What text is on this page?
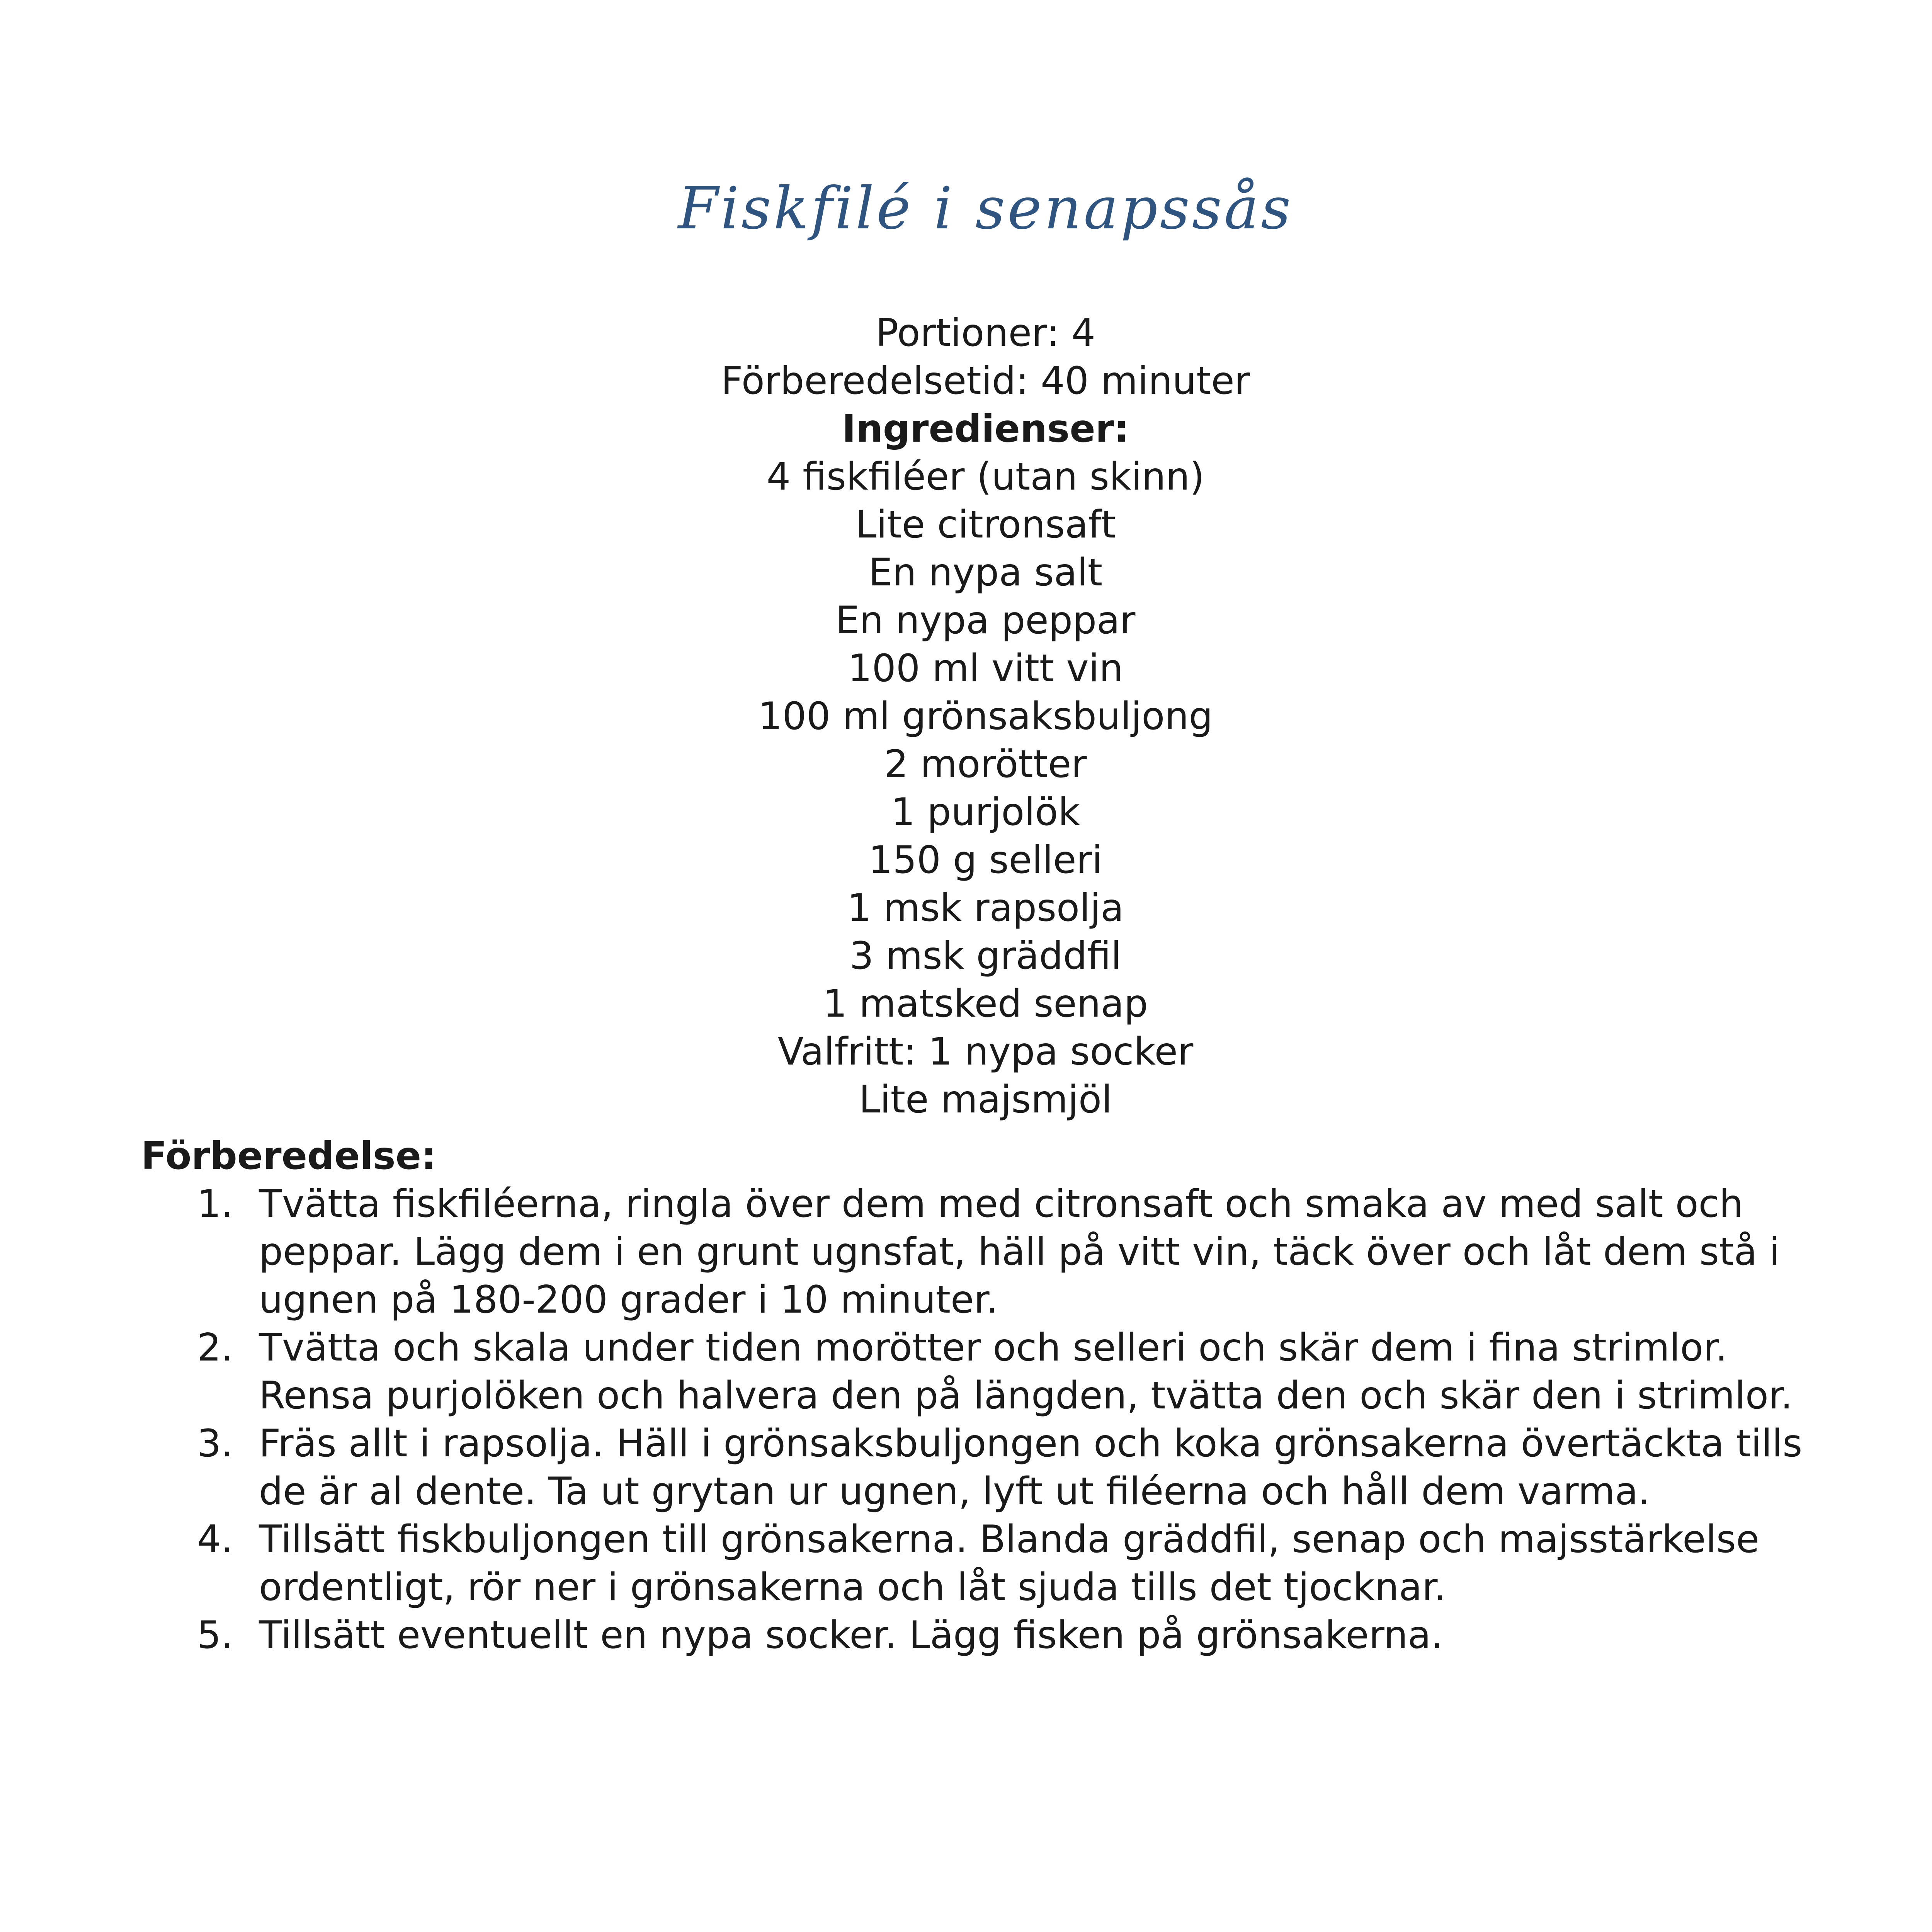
Fiskfilé i senapssås
Portioner: 4
Förberedelsetid: 40 minuter
Ingredienser:
4 fiskfiléer (utan skinn)
Lite citronsaft
En nypa salt
En nypa peppar
100 ml vitt vin
100 ml grönsaksbuljong
2 morötter
1 purjolök
150 g selleri
1 msk rapsolja
3 msk gräddfil
1 matsked senap
Valfritt: 1 nypa socker
Lite majsmjöl
Förberedelse:
1. Tvätta fiskfiléerna, ringla över dem med citronsaft och smaka av med salt och peppar. Lägg dem i en grunt ugnsfat, häll på vitt vin, täck över och låt dem stå i ugnen på 180-200 grader i 10 minuter.
2. Tvätta och skala under tiden morötter och selleri och skär dem i fina strimlor. Rensa purjolöken och halvera den på längden, tvätta den och skär den i strimlor.
3. Fräs allt i rapsolja. Häll i grönsaksbuljongen och koka grönsakerna övertäckta tills de är al dente. Ta ut grytan ur ugnen, lyft ut filéerna och håll dem varma.
4. Tillsätt fiskbuljongen till grönsakerna. Blanda gräddfil, senap och majsstärkelse ordentligt, rör ner i grönsakerna och låt sjuda tills det tjocknar.
5. Tillsätt eventuellt en nypa socker. Lägg fisken på grönsakerna.
